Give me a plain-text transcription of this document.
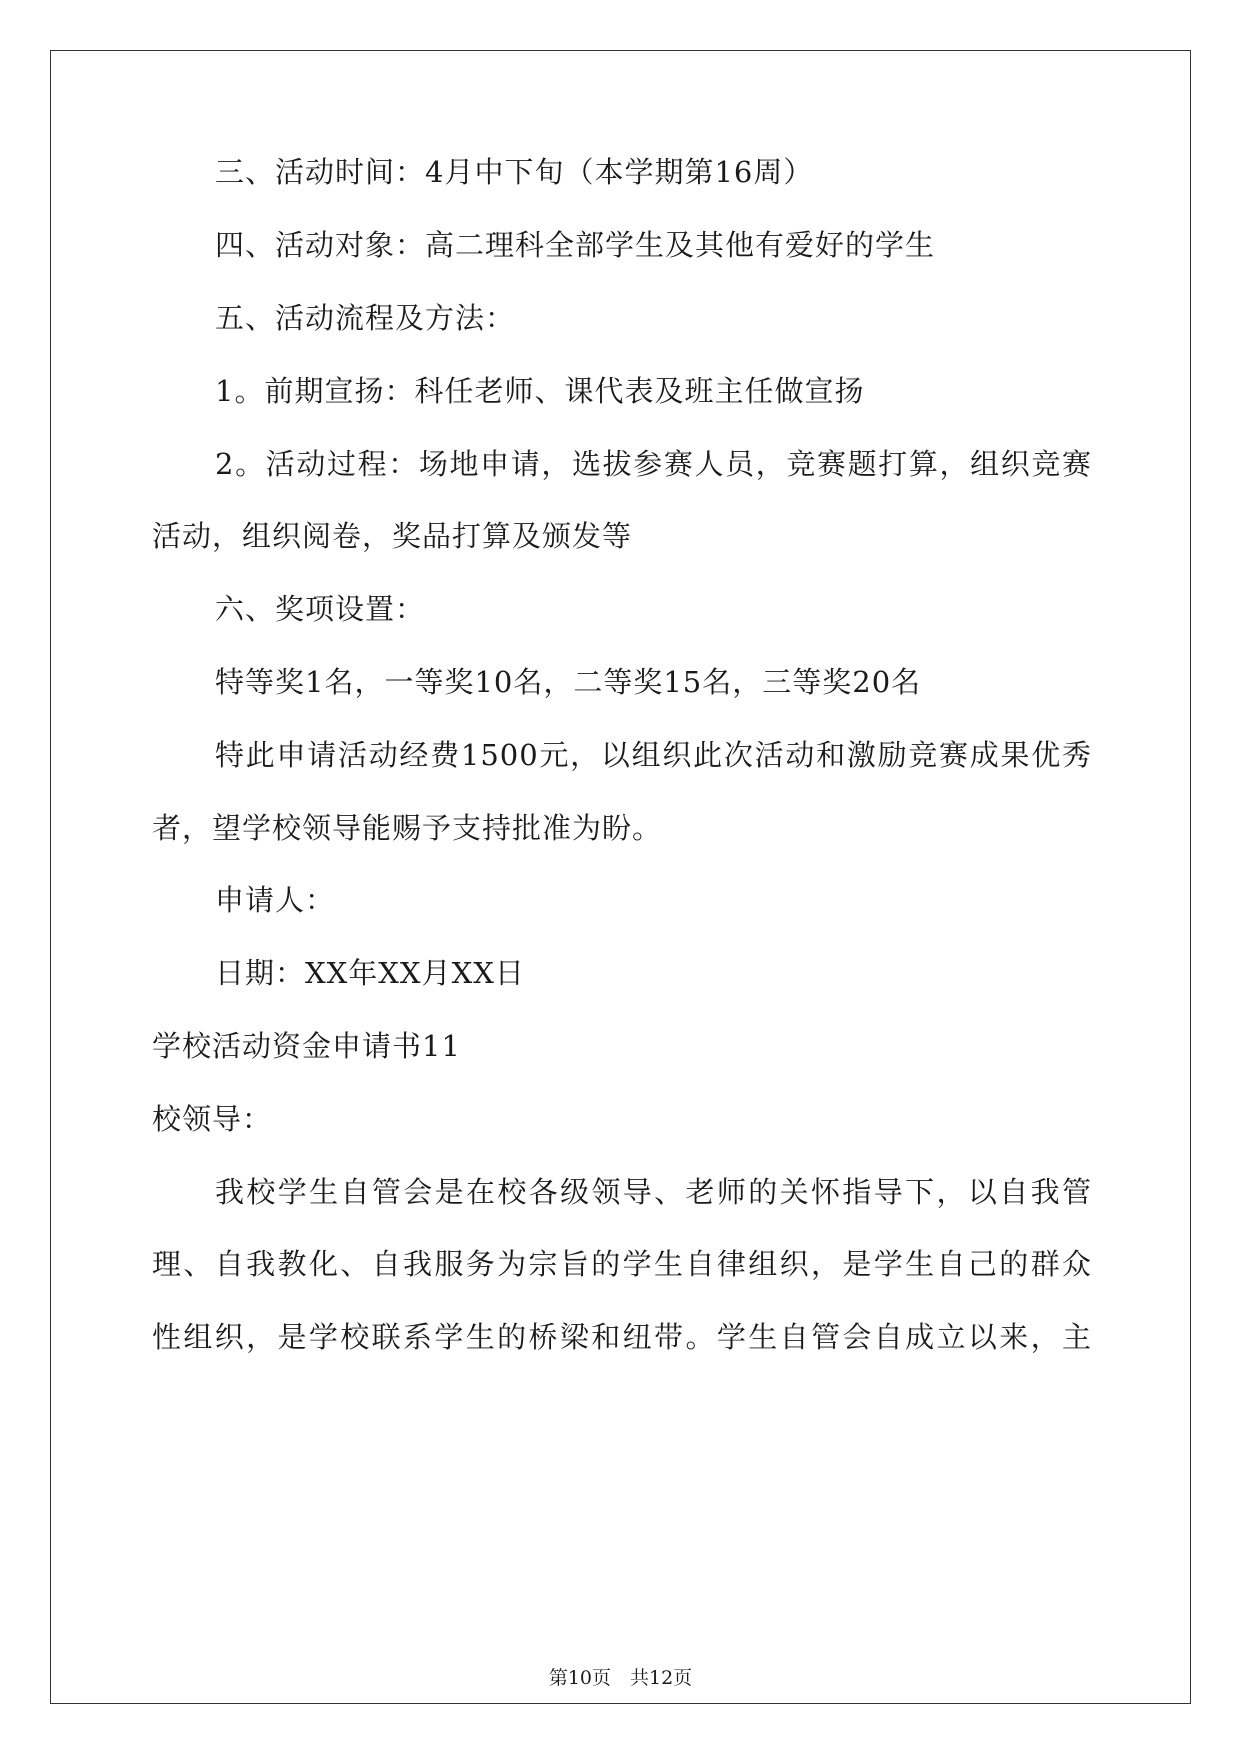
三、活动时间：4月中下旬（本学期第16周）
四、活动对象：高二理科全部学生及其他有爱好的学生
五、活动流程及方法：
1。前期宣扬：科任老师、课代表及班主任做宣扬
2。活动过程：场地申请，选拔参赛人员，竞赛题打算，组织竞赛
活动，组织阅卷，奖品打算及颁发等
六、奖项设置：
特等奖1名，一等奖10名，二等奖15名，三等奖20名
特此申请活动经费1500元，以组织此次活动和激励竞赛成果优秀
者，望学校领导能赐予支持批准为盼。
申请人：
日期：XX年XX月XX日
学校活动资金申请书11
校领导：
我校学生自管会是在校各级领导、老师的关怀指导下，以自我管
理、自我教化、自我服务为宗旨的学生自律组织，是学生自己的群众
性组织，是学校联系学生的桥梁和纽带。学生自管会自成立以来，主
第10页　共12页
